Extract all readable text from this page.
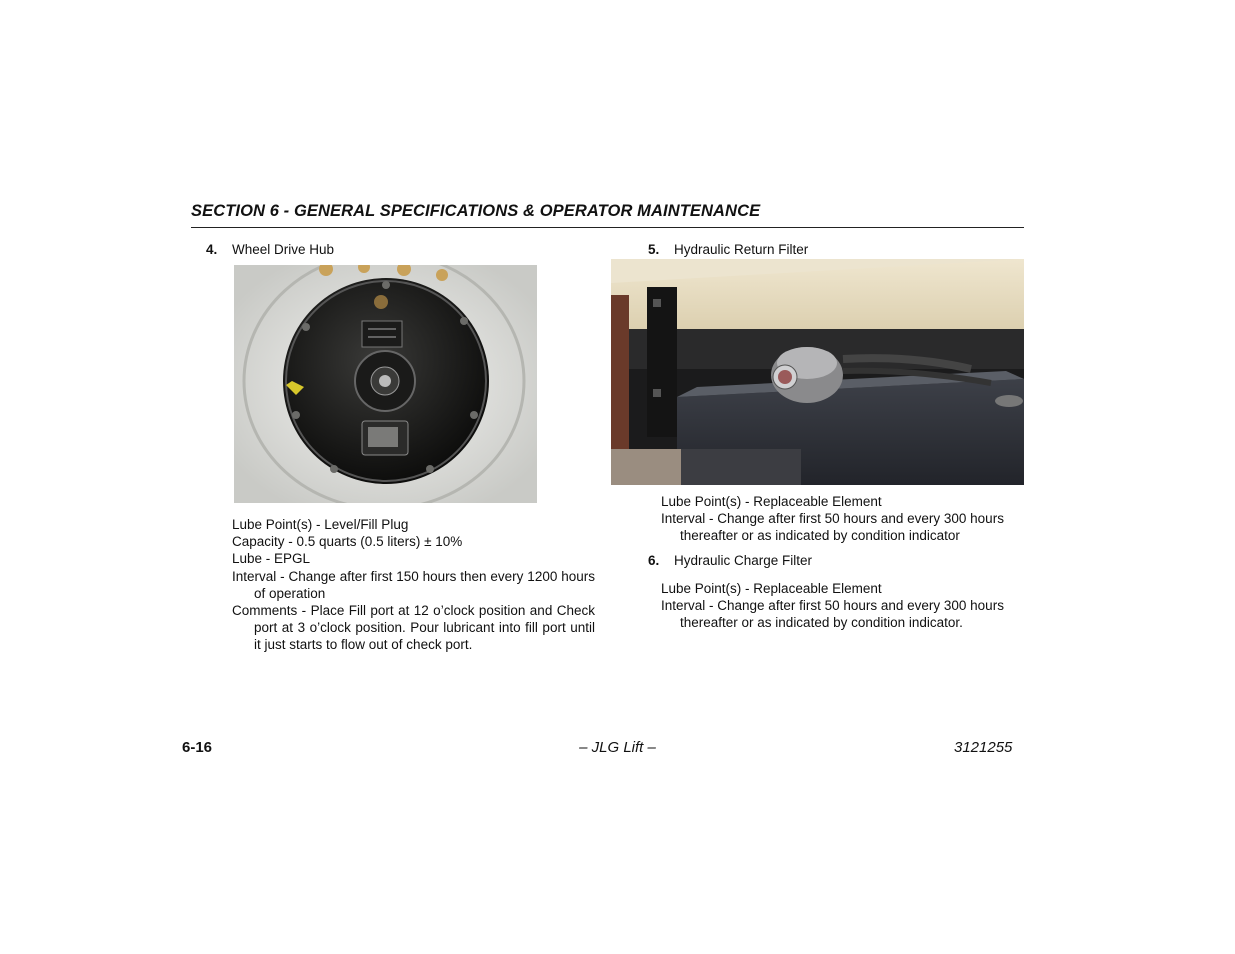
SECTION 6 - GENERAL SPECIFICATIONS & OPERATOR MAINTENANCE
4. Wheel Drive Hub

Lube Point(s) - Level/Fill Plug

Capacity - 0.5 quarts (0.5 liters) ± 10%

Lube - EPGL

Interval - Change after first 150 hours then every 1200 hours of operation

Comments - Place Fill port at 12 o’clock position and Check port at 3 o’clock position. Pour lubricant into fill port until it just starts to flow out of check port.

5. Hydraulic Return Filter

Lube Point(s) - Replaceable Element

Interval - Change after first 50 hours and every 300 hours thereafter or as indicated by condition indicator

6. Hydraulic Charge Filter

Lube Point(s) - Replaceable Element

Interval - Change after first 50 hours and every 300 hours thereafter or as indicated by condition indicator.

6-16	– JLG Lift –	3121255
